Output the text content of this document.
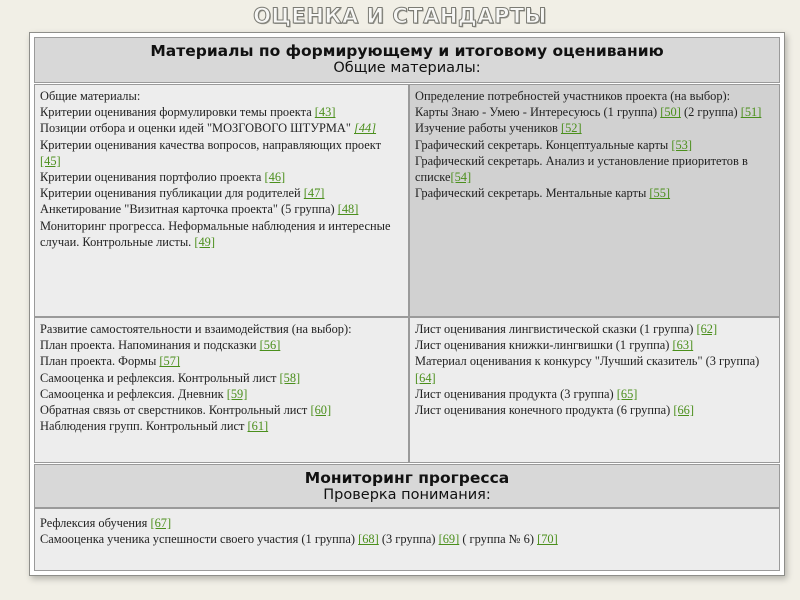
ОЦЕНКА И СТАНДАРТЫ
Материалы по формирующему и итоговому оцениванию
Общие материалы:
Общие материалы:
Критерии оценивания формулировки темы проекта [43]
Позиции отбора и оценки идей "МОЗГОВОГО ШТУРМА" [44]
Критерии оценивания качества вопросов, направляющих проект [45]
Критерии оценивания портфолио проекта [46]
Критерии оценивания публикации для родителей [47]
Анкетирование "Визитная карточка проекта" (5 группа) [48]
Мониторинг прогресса. Неформальные наблюдения и интересные случаи. Контрольные листы. [49]
Определение потребностей участников проекта (на выбор):
Карты Знаю - Умею - Интересуюсь (1 группа) [50] (2 группа) [51]
Изучение работы учеников [52]
Графический секретарь. Концептуальные карты [53]
Графический секретарь. Анализ и установление приоритетов в списке[54]
Графический секретарь. Ментальные карты [55]
Развитие самостоятельности и взаимодействия (на выбор):
План проекта. Напоминания и подсказки [56]
План проекта. Формы [57]
Самооценка и рефлексия. Контрольный лист [58]
Самооценка и рефлексия. Дневник [59]
Обратная связь от сверстников. Контрольный лист [60]
Наблюдения групп. Контрольный лист [61]
Лист оценивания лингвистической сказки (1 группа) [62]
Лист оценивания книжки-лингвишки (1 группа) [63]
Материал оценивания к конкурсу "Лучший сказитель" (3 группа) [64]
Лист оценивания продукта (3 группа) [65]
Лист оценивания конечного продукта (6 группа) [66]
Мониторинг прогресса
Проверка понимания:
Рефлексия обучения [67]
Самооценка ученика успешности своего участия (1 группа) [68] (3 группа) [69] ( группа № 6) [70]
